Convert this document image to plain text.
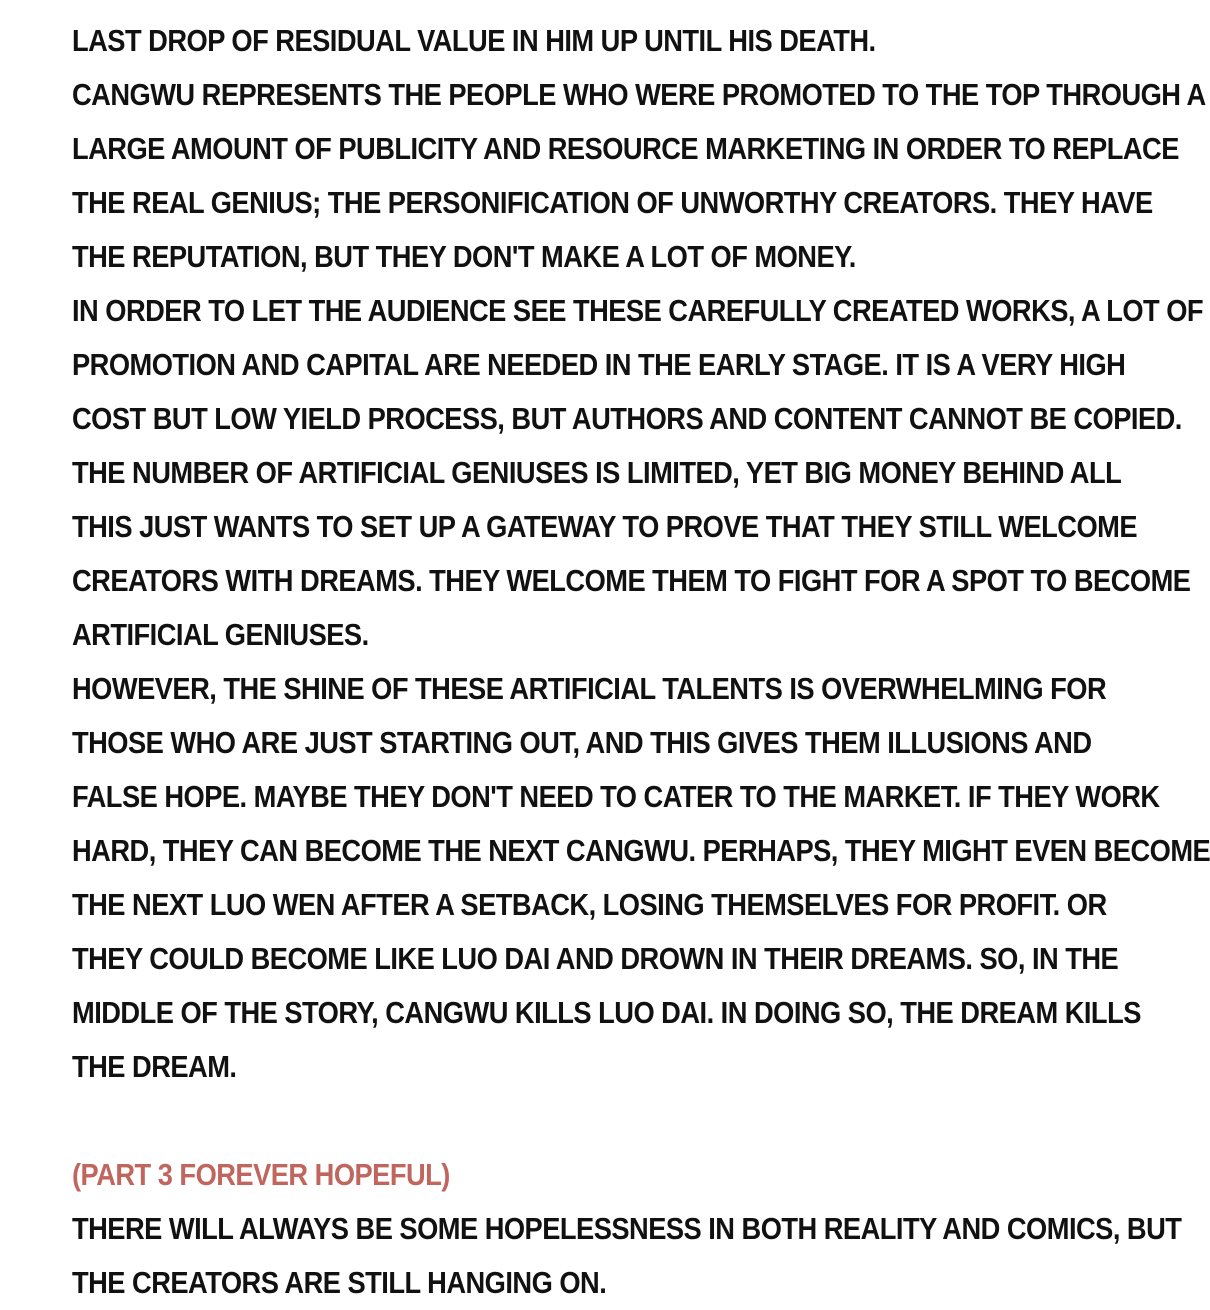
LAST DROP OF RESIDUAL VALUE IN HIM UP UNTIL HIS DEATH.
CANGWU REPRESENTS THE PEOPLE WHO WERE PROMOTED TO THE TOP THROUGH A
LARGE AMOUNT OF PUBLICITY AND RESOURCE MARKETING IN ORDER TO REPLACE
THE REAL GENIUS; THE PERSONIFICATION OF UNWORTHY CREATORS. THEY HAVE
THE REPUTATION, BUT THEY DON'T MAKE A LOT OF MONEY.
IN ORDER TO LET THE AUDIENCE SEE THESE CAREFULLY CREATED WORKS, A LOT OF
PROMOTION AND CAPITAL ARE NEEDED IN THE EARLY STAGE. IT IS A VERY HIGH
COST BUT LOW YIELD PROCESS, BUT AUTHORS AND CONTENT CANNOT BE COPIED.
THE NUMBER OF ARTIFICIAL GENIUSES IS LIMITED, YET BIG MONEY BEHIND ALL
THIS JUST WANTS TO SET UP A GATEWAY TO PROVE THAT THEY STILL WELCOME
CREATORS WITH DREAMS. THEY WELCOME THEM TO FIGHT FOR A SPOT TO BECOME
ARTIFICIAL GENIUSES.
HOWEVER, THE SHINE OF THESE ARTIFICIAL TALENTS IS OVERWHELMING FOR
THOSE WHO ARE JUST STARTING OUT, AND THIS GIVES THEM ILLUSIONS AND
FALSE HOPE. MAYBE THEY DON'T NEED TO CATER TO THE MARKET. IF THEY WORK
HARD, THEY CAN BECOME THE NEXT CANGWU. PERHAPS, THEY MIGHT EVEN BECOME
THE NEXT LUO WEN AFTER A SETBACK, LOSING THEMSELVES FOR PROFIT. OR
THEY COULD BECOME LIKE LUO DAI AND DROWN IN THEIR DREAMS. SO, IN THE
MIDDLE OF THE STORY, CANGWU KILLS LUO DAI. IN DOING SO, THE DREAM KILLS
THE DREAM.
(PART 3 FOREVER HOPEFUL)
THERE WILL ALWAYS BE SOME HOPELESSNESS IN BOTH REALITY AND COMICS, BUT
THE CREATORS ARE STILL HANGING ON.
